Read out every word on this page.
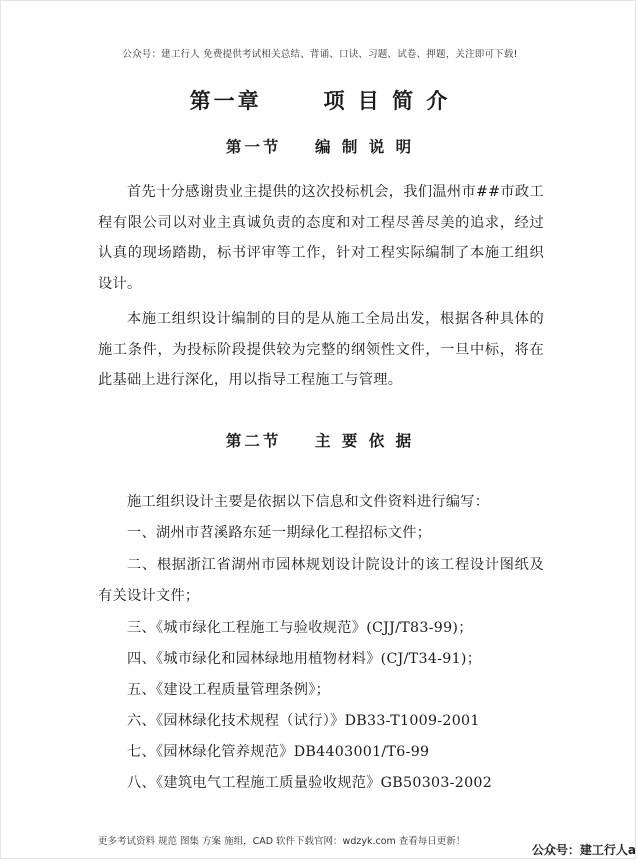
公众号：建工行人 免费提供考试相关总结、背诵、口诀、习题、试卷、押题，关注即可下载!
第一章      项 目 简 介
第一节    编 制 说 明

首先十分感谢贵业主提供的这次投标机会，我们温州市##市政工程有限公司以对业主真诚负责的态度和对工程尽善尽美的追求，经过认真的现场踏勘，标书评审等工作，针对工程实际编制了本施工组织设计。

本施工组织设计编制的目的是从施工全局出发，根据各种具体的施工条件，为投标阶段提供较为完整的纲领性文件，一旦中标，将在此基础上进行深化，用以指导工程施工与管理。

第二节    主 要 依 据
施工组织设计主要是依据以下信息和文件资料进行编写：
一、湖州市苕溪路东延一期绿化工程招标文件；

二、根据浙江省湖州市园林规划设计院设计的该工程设计图纸及有关设计文件；

三、《城市绿化工程施工与验收规范》(CJJ/T83-99)；
四、《城市绿化和园林绿地用植物材料》(CJ/T34-91)；
五、《建设工程质量管理条例》；
六、《园林绿化技术规程（试行）》DB33-T1009-2001
七、《园林绿化管养规范》DB4403001/T6-99
八、《建筑电气工程施工质量验收规范》GB50303-2002
更多考试资料 规范 图集 方案 施组，CAD 软件下载官网：wdzyk.com 查看每日更新！
公众号：建工行人a
